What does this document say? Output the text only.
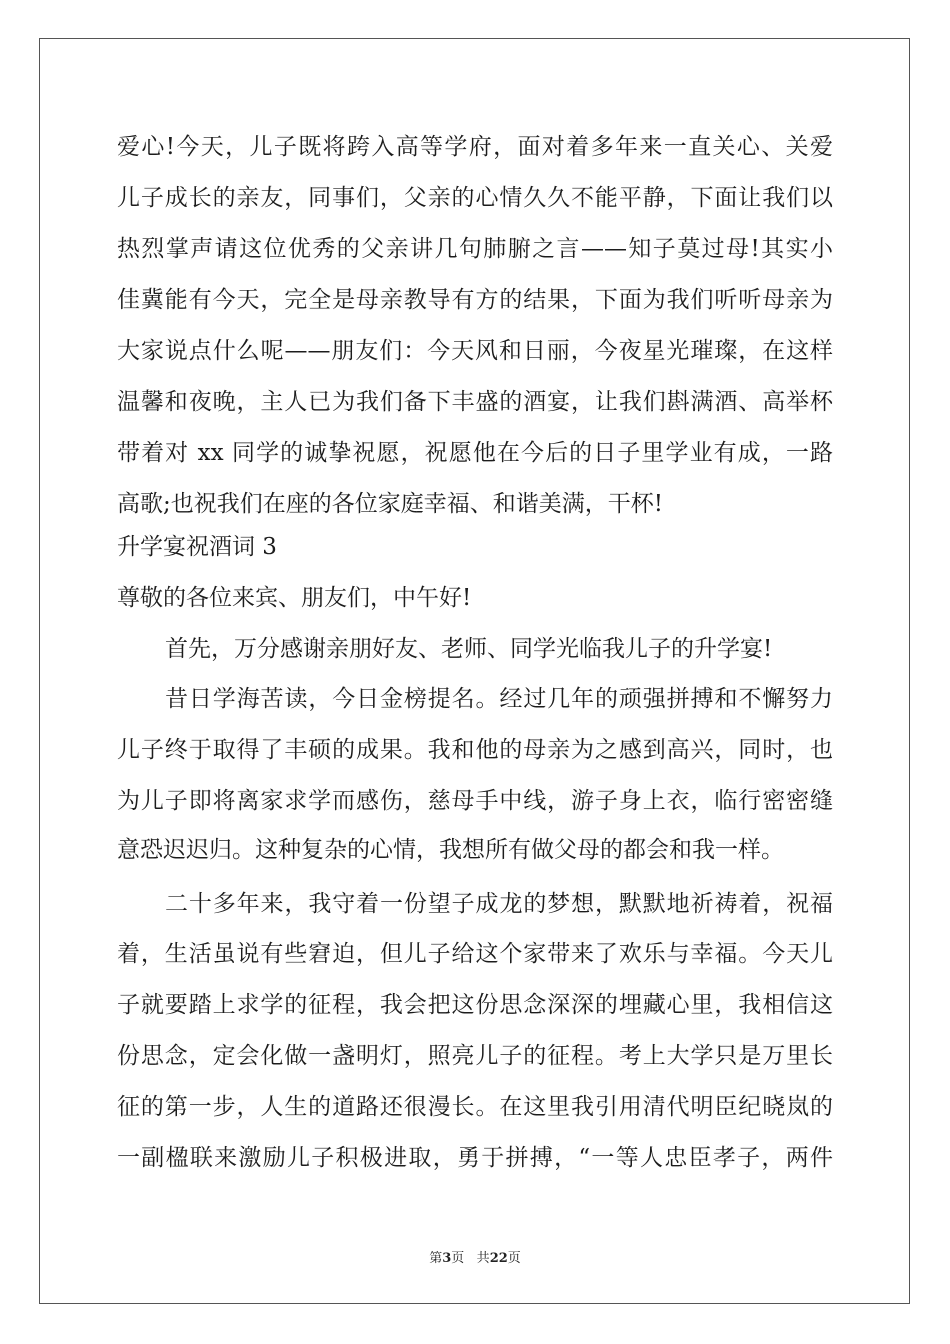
爱心!今天，儿子既将跨入高等学府，面对着多年来一直关心、关爱

儿子成长的亲友，同事们，父亲的心情久久不能平静，下面让我们以

热烈掌声请这位优秀的父亲讲几句肺腑之言——知子莫过母!其实小

佳冀能有今天，完全是母亲教导有方的结果，下面为我们听听母亲为

大家说点什么呢——朋友们：今天风和日丽，今夜星光璀璨，在这样

温馨和夜晚，主人已为我们备下丰盛的酒宴，让我们斟满酒、高举杯

带着对 xx 同学的诚挚祝愿，祝愿他在今后的日子里学业有成，一路

高歌;也祝我们在座的各位家庭幸福、和谐美满，干杯!

升学宴祝酒词 3

尊敬的各位来宾、朋友们，中午好!

首先，万分感谢亲朋好友、老师、同学光临我儿子的升学宴!

昔日学海苦读，今日金榜提名。经过几年的顽强拼搏和不懈努力

儿子终于取得了丰硕的成果。我和他的母亲为之感到高兴，同时，也

为儿子即将离家求学而感伤，慈母手中线，游子身上衣，临行密密缝

意恐迟迟归。这种复杂的心情，我想所有做父母的都会和我一样。

二十多年来，我守着一份望子成龙的梦想，默默地祈祷着，祝福

着，生活虽说有些窘迫，但儿子给这个家带来了欢乐与幸福。今天儿

子就要踏上求学的征程，我会把这份思念深深的埋藏心里，我相信这

份思念，定会化做一盏明灯，照亮儿子的征程。考上大学只是万里长

征的第一步，人生的道路还很漫长。在这里我引用清代明臣纪晓岚的

一副楹联来激励儿子积极进取，勇于拼搏，“一等人忠臣孝子，两件

第3页 共22页
